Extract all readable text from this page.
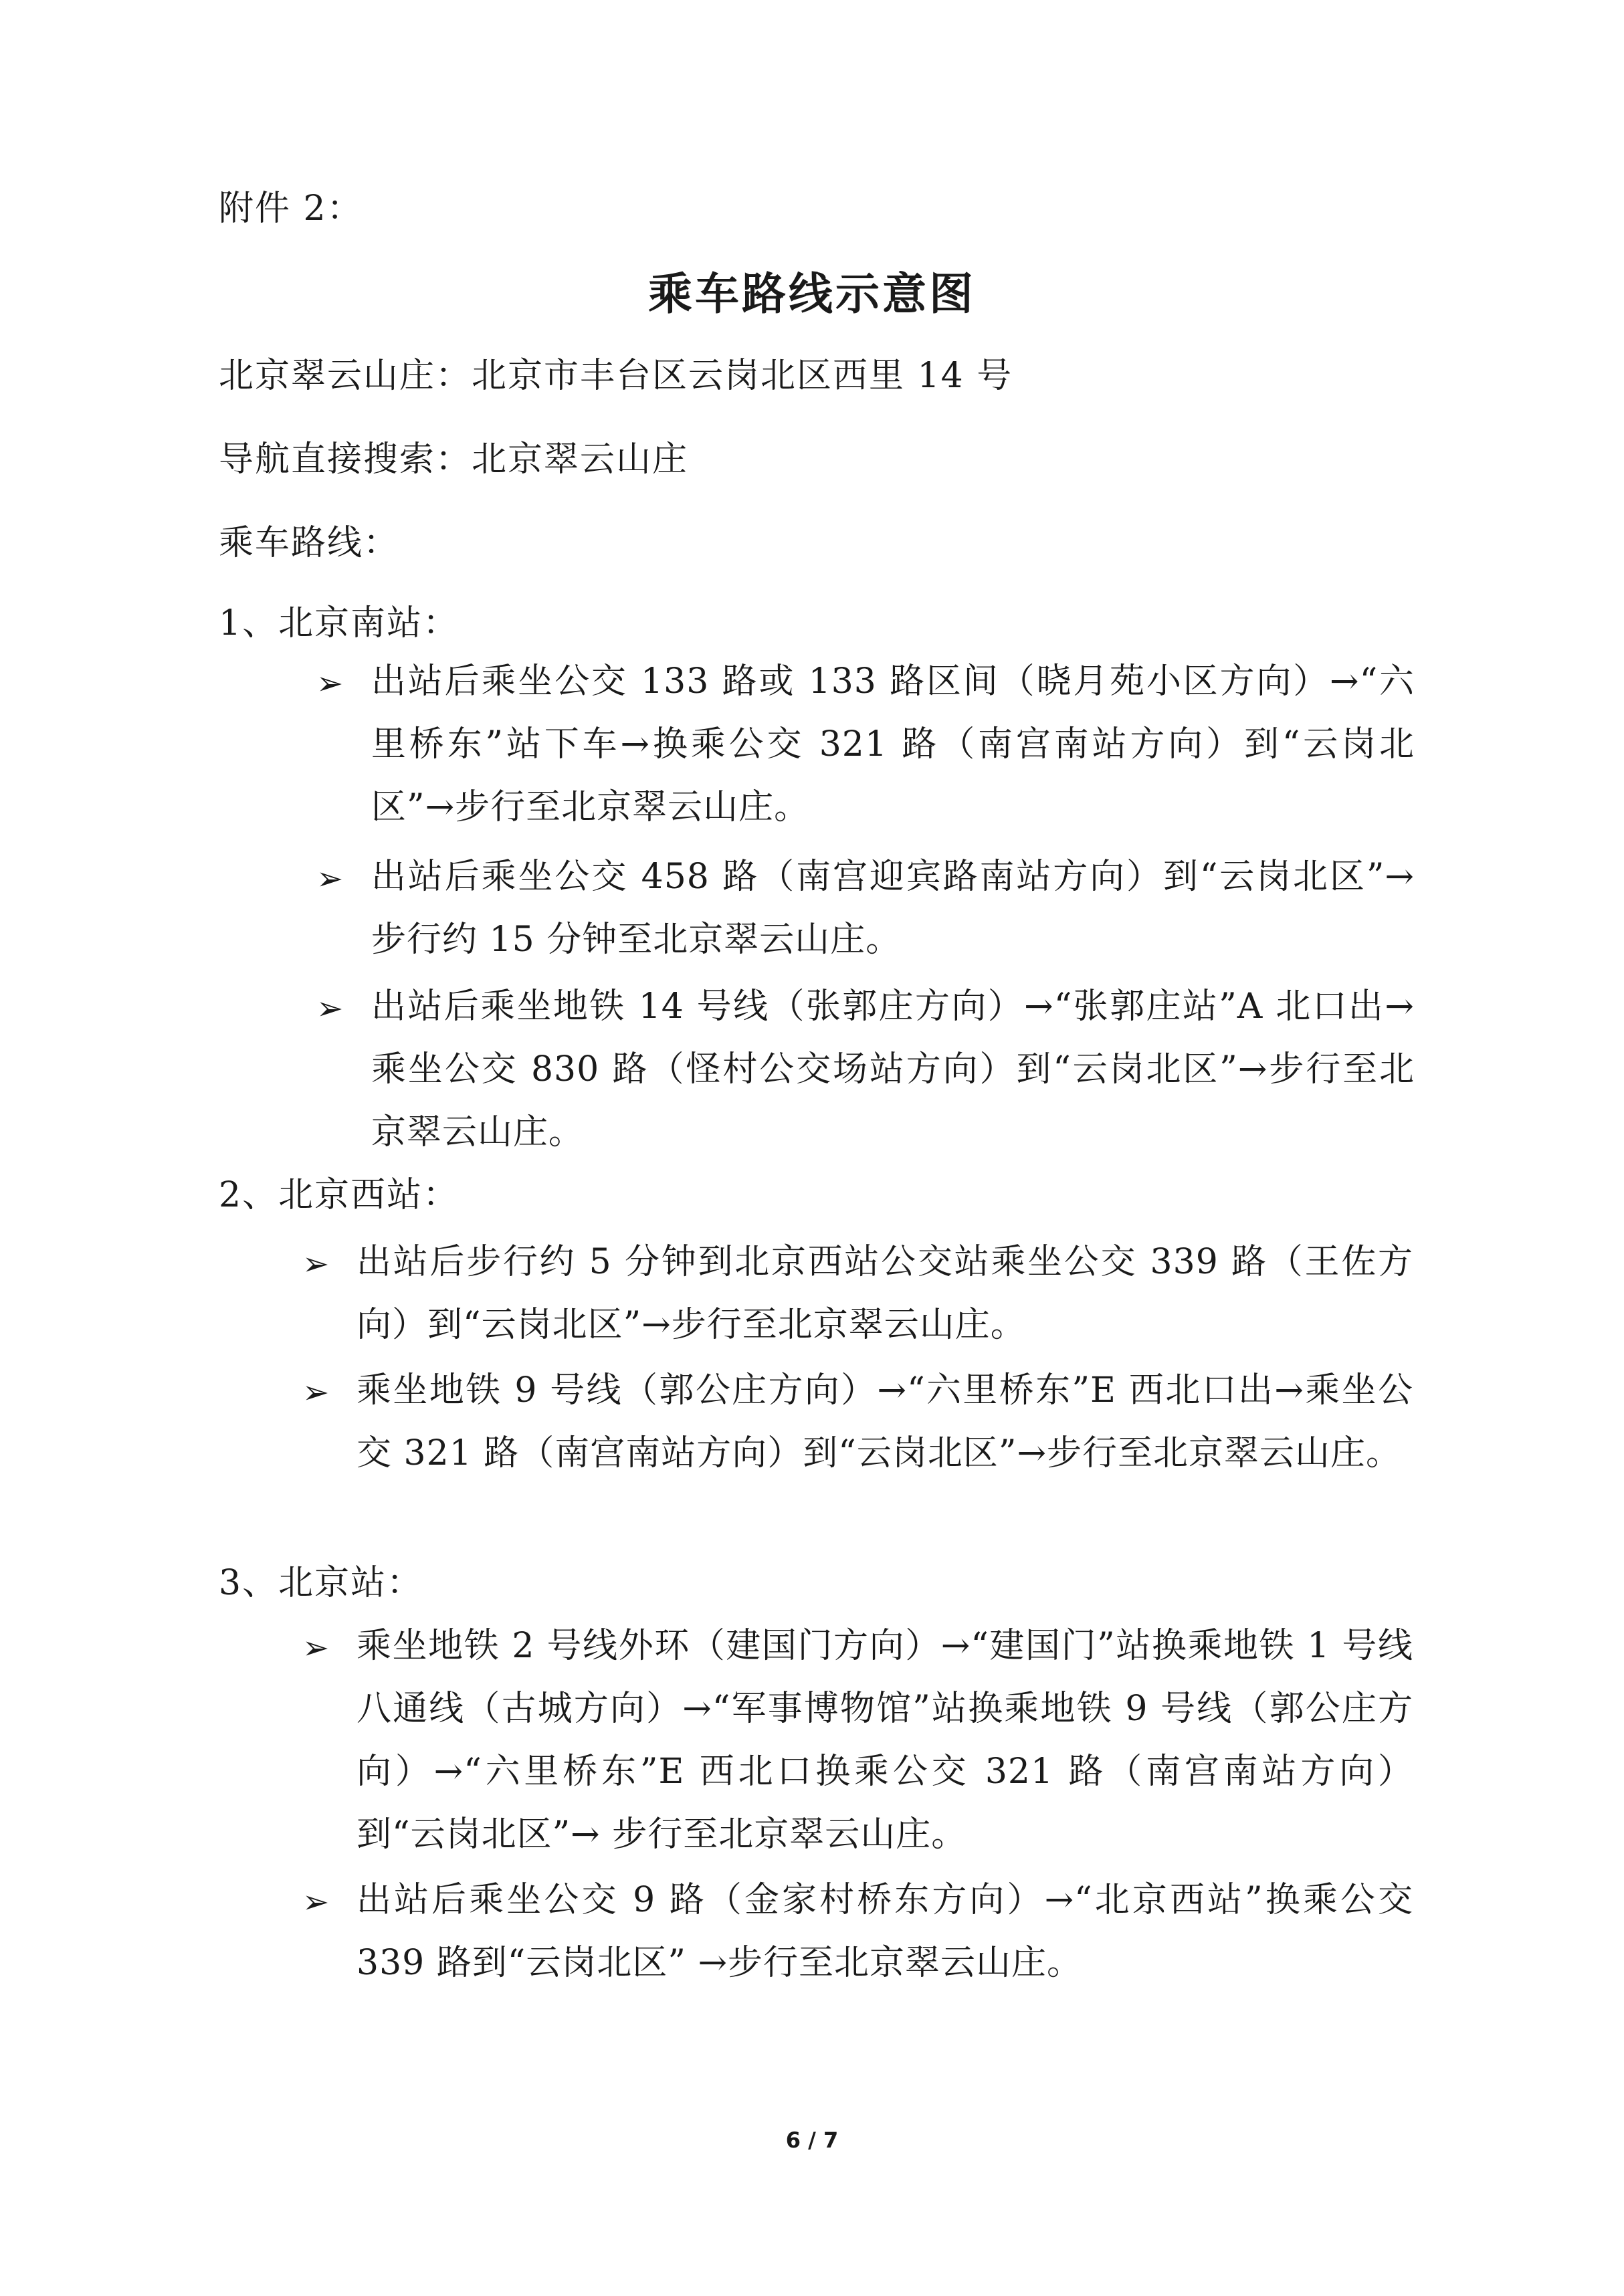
附件 2：
乘车路线示意图
北京翠云山庄：北京市丰台区云岗北区西里 14 号
导航直接搜索：北京翠云山庄
乘车路线：
1、北京南站：
➢ 出站后乘坐公交 133 路或 133 路区间（晓月苑小区方向）→“六里桥东”站下车→换乘公交 321 路（南宫南站方向）到“云岗北区”→步行至北京翠云山庄。
➢ 出站后乘坐公交 458 路（南宫迎宾路南站方向）到“云岗北区”→步行约 15 分钟至北京翠云山庄。
➢ 出站后乘坐地铁 14 号线（张郭庄方向）→“张郭庄站”A 北口出→乘坐公交 830 路（怪村公交场站方向）到“云岗北区”→步行至北京翠云山庄。
2、北京西站：
➢ 出站后步行约 5 分钟到北京西站公交站乘坐公交 339 路（王佐方向）到“云岗北区”→步行至北京翠云山庄。
➢ 乘坐地铁 9 号线（郭公庄方向）→“六里桥东”E 西北口出→乘坐公交 321 路（南宫南站方向）到“云岗北区”→步行至北京翠云山庄。
3、北京站：
➢ 乘坐地铁 2 号线外环（建国门方向）→“建国门”站换乘地铁 1 号线八通线（古城方向）→“军事博物馆”站换乘地铁 9 号线（郭公庄方向）→“六里桥东”E 西北口换乘公交 321 路（南宫南站方向）到“云岗北区”→ 步行至北京翠云山庄。
➢ 出站后乘坐公交 9 路（金家村桥东方向）→“北京西站”换乘公交 339 路到“云岗北区” →步行至北京翠云山庄。
6 / 7
